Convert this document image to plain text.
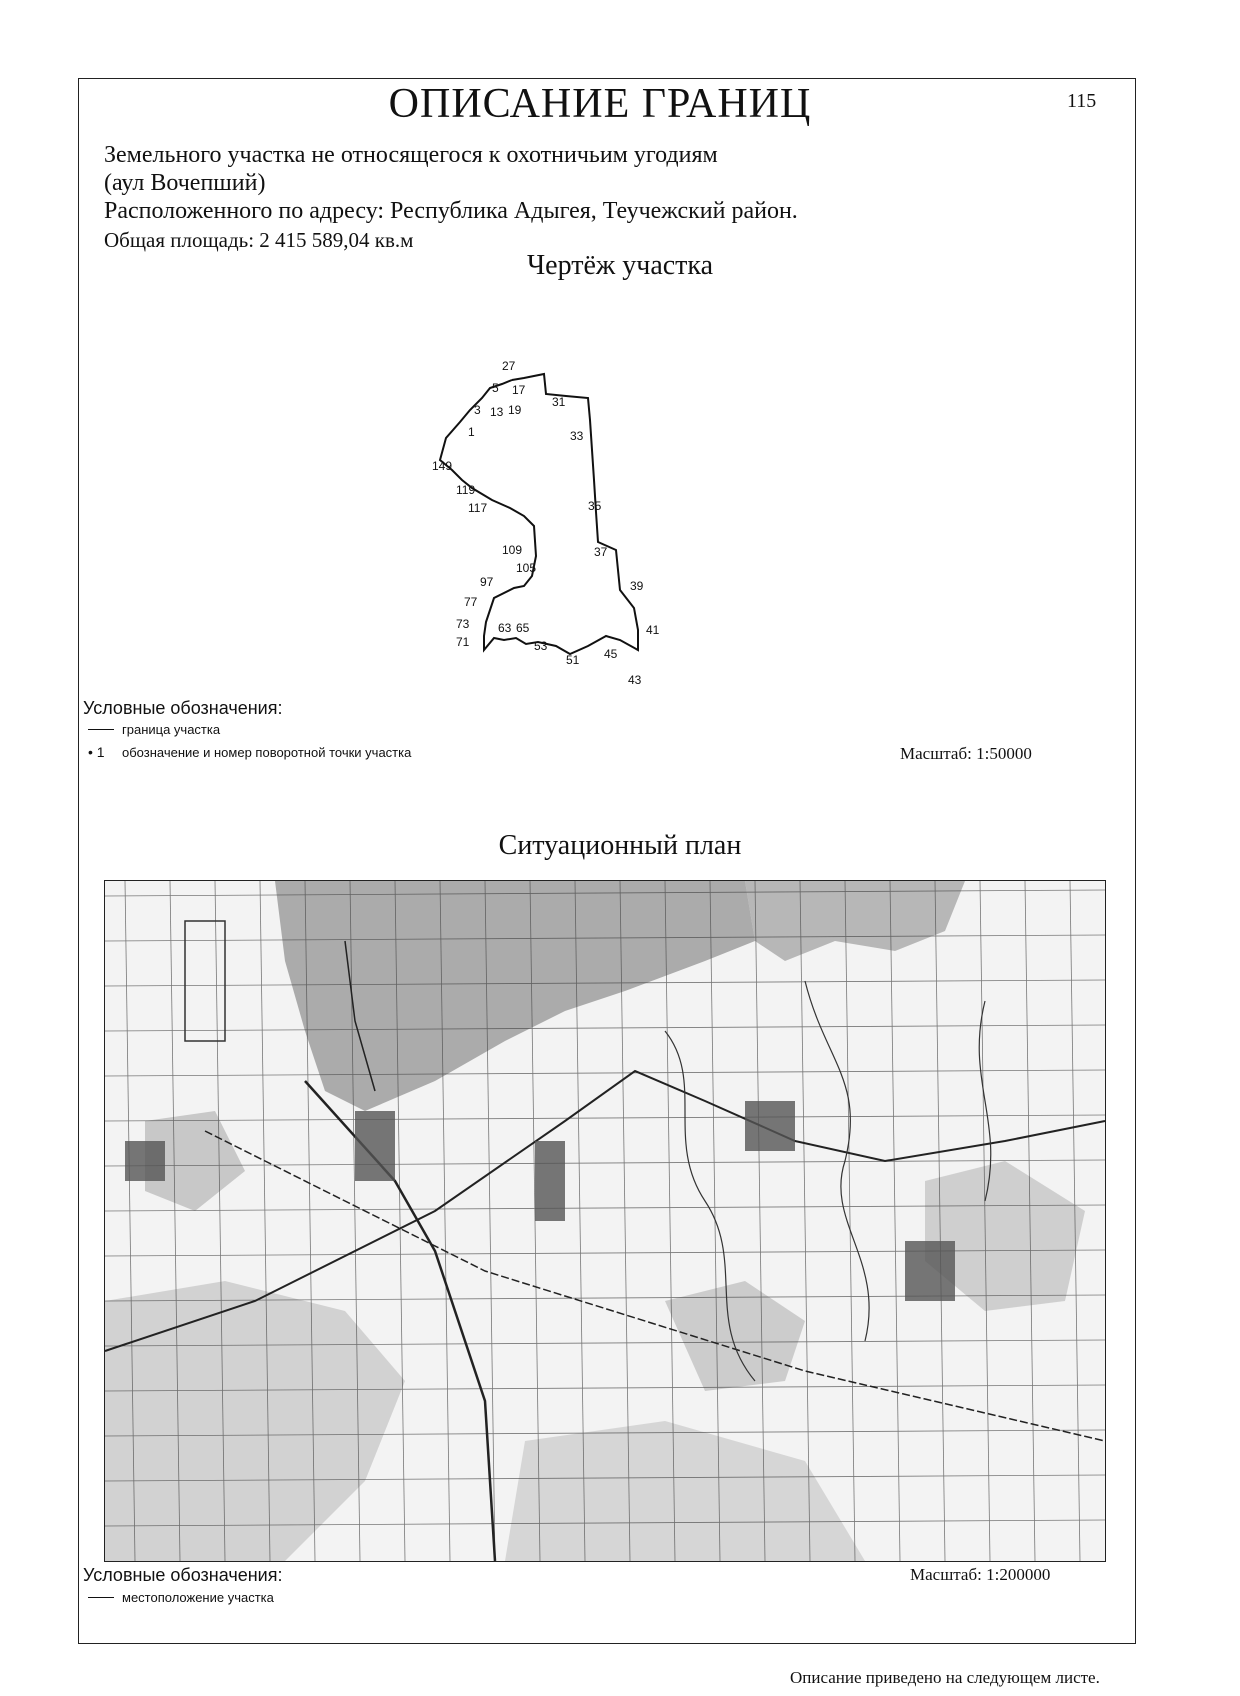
ОПИСАНИЕ ГРАНИЦ	115
Земельного участка не относящегося к охотничьим угодиям
(аул Вочепший)
Расположенного по адресу: Республика Адыгея, Теучежский район.
Общая площадь: 2 415 589,04 кв.м
Чертёж участка
27
5 17
3 13 19
31
1	33
149
119
117	35
109
105
37
97	39
77
73 63 65
71
41
53
51 45
43
Условные обозначения:
граница участка
• 1	обозначение и номер поворотной точки участка	Масштаб: 1:50000
Ситуационный план
Условные обозначения:
местоположение участка
Масштаб: 1:200000
Описание приведено на следующем листе.
